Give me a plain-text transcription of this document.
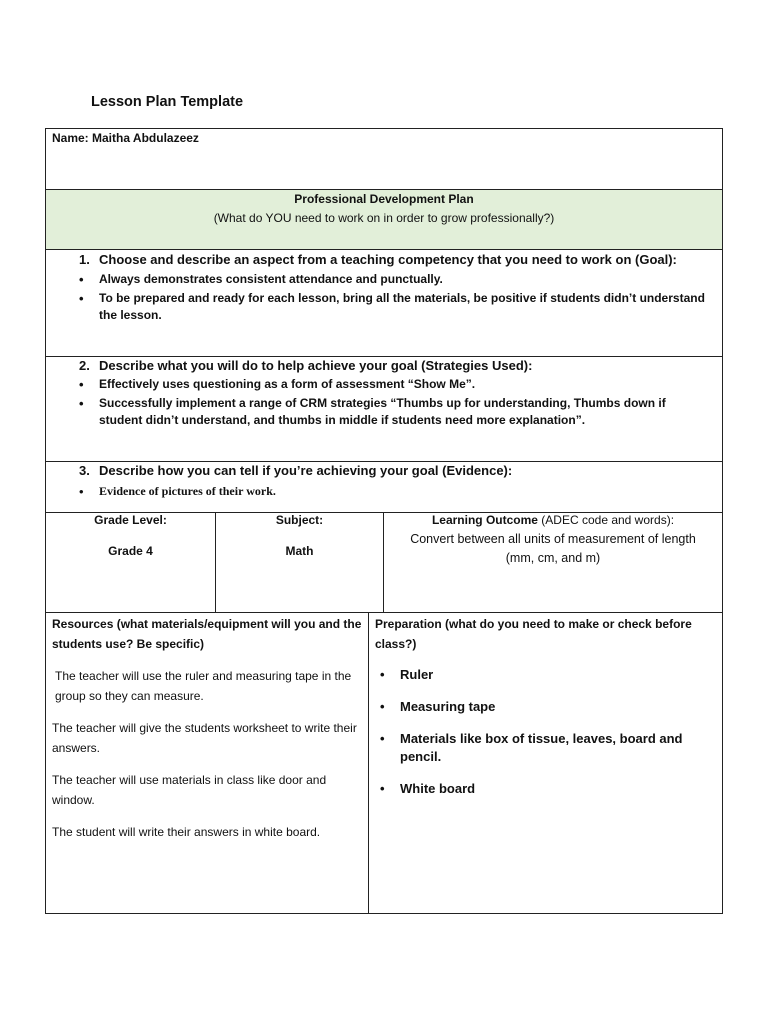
Lesson Plan Template
Name: Maitha Abdulazeez
Professional Development Plan
(What do YOU need to work on in order to grow professionally?)
1. Choose and describe an aspect from a teaching competency that you need to work on (Goal):
• Always demonstrates consistent attendance and punctually.
• To be prepared and ready for each lesson, bring all the materials, be positive if students didn’t understand the lesson.
2. Describe what you will do to help achieve your goal (Strategies Used):
• Effectively uses questioning as a form of assessment “Show Me”.
• Successfully implement a range of CRM strategies “Thumbs up for understanding, Thumbs down if student didn’t understand, and thumbs in middle if students need more explanation”.
3. Describe how you can tell if you’re achieving your goal (Evidence):
• Evidence of pictures of their work.
Grade Level:
Grade 4
Subject:
Math
Learning Outcome (ADEC code and words):
Convert between all units of measurement of length
(mm, cm, and m)
Resources (what materials/equipment will you and the students use? Be specific)

The teacher will use the ruler and measuring tape in the group so they can measure.

The teacher will give the students worksheet to write their answers.

The teacher will use materials in class like door and window.

The student will write their answers in white board.

Preparation (what do you need to make or check before class?)
• Ruler
• Measuring tape
• Materials like box of tissue, leaves, board and pencil.
• White board
